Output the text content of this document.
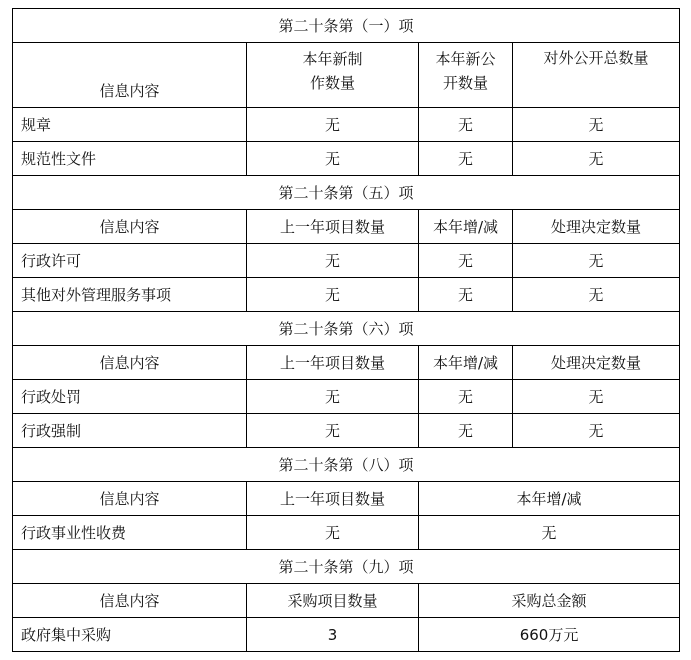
第二十条第（一）项			
信息内容	本年新制作数量	本年新公开数量	对外公开总数量
规章	无	无	无
规范性文件	无	无	无
第二十条第（五）项			
信息内容	上一年项目数量	本年增/减	处理决定数量
行政许可	无	无	无
其他对外管理服务事项	无	无	无
第二十条第（六）项			
信息内容	上一年项目数量	本年增/减	处理决定数量
行政处罚	无	无	无
行政强制	无	无	无
第二十条第（八）项			
信息内容	上一年项目数量	本年增/减	
行政事业性收费	无	无	
第二十条第（九）项			
信息内容	采购项目数量	采购总金额	
政府集中采购	3	660万元	
